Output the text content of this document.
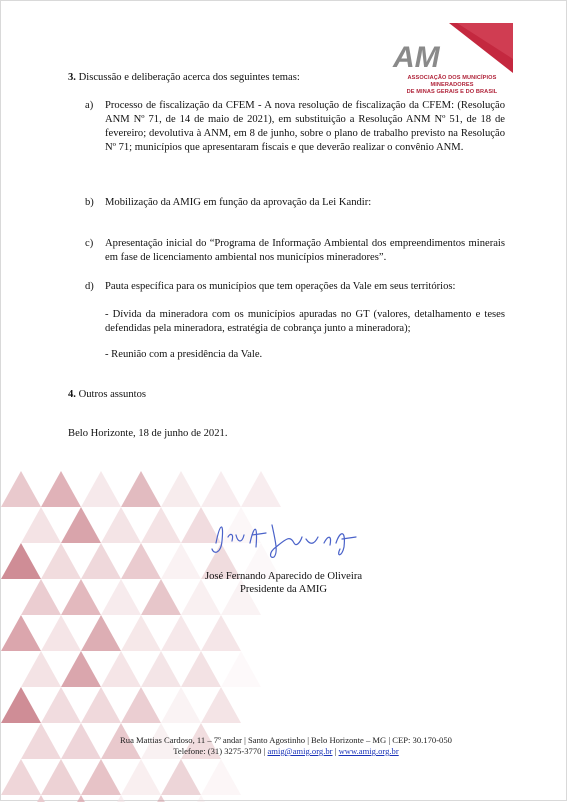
AM IG
ASSOCIAÇÃO DOS MUNICÍPIOS MINERADORES
DE MINAS GERAIS E DO BRASIL
3. Discussão e deliberação acerca dos seguintes temas:
a)	Processo de fiscalização da CFEM - A nova resolução de fiscalização da CFEM: (Resolução ANM Nº 71, de 14 de maio de 2021), em substituição a Resolução ANM Nº 51, de 18 de fevereiro; devolutiva à ANM, em 8 de junho, sobre o plano de trabalho previsto na Resolução Nº 71; municípios que apresentaram fiscais e que deverão realizar o convênio ANM.
b)	Mobilização da AMIG em função da aprovação da Lei Kandir:
c)	Apresentação inicial do “Programa de Informação Ambiental dos empreendimentos minerais em fase de licenciamento ambiental nos municípios mineradores”.
d)	Pauta específica para os municípios que tem operações da Vale em seus territórios:
- Dívida da mineradora com os municípios apuradas no GT (valores, detalhamento e teses defendidas pela mineradora, estratégia de cobrança junto a mineradora);
- Reunião com a presidência da Vale.
4. Outros assuntos
Belo Horizonte, 18 de junho de 2021.
José Fernando Aparecido de Oliveira
Presidente da AMIG
Rua Mattias Cardoso, 11 – 7º andar | Santo Agostinho | Belo Horizonte – MG | CEP: 30.170-050
Telefone: (31) 3275-3770 | amig@amig.org.br | www.amig.org.br
